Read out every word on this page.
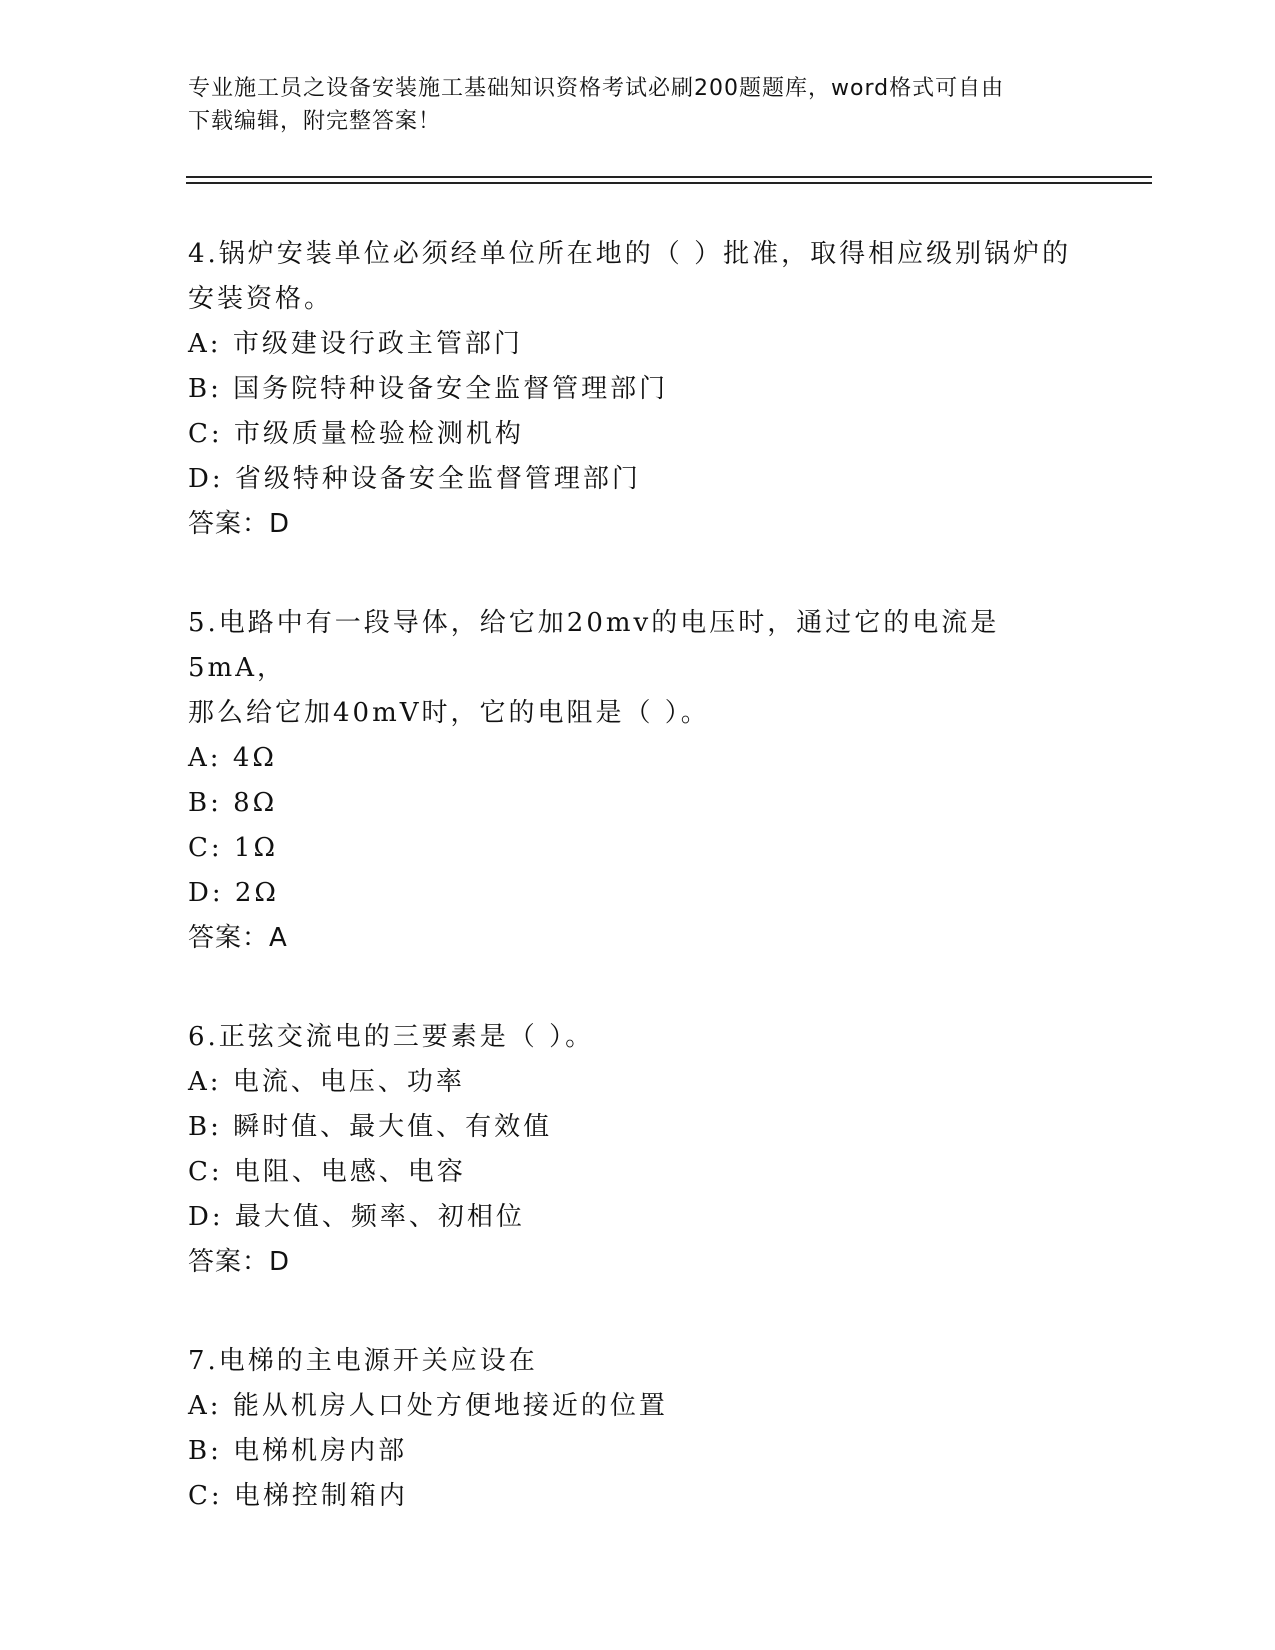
专业施工员之设备安装施工基础知识资格考试必刷200题题库，word格式可自由
下载编辑，附完整答案！
4.锅炉安装单位必须经单位所在地的（ ）批准，取得相应级别锅炉的
安装资格。
A: 市级建设行政主管部门
B: 国务院特种设备安全监督管理部门
C: 市级质量检验检测机构
D: 省级特种设备安全监督管理部门
答案：D
5.电路中有一段导体，给它加20mv的电压时，通过它的电流是5mA，
那么给它加40mV时，它的电阻是（ ）。
A: 4Ω
B: 8Ω
C: 1Ω
D: 2Ω
答案：A
6.正弦交流电的三要素是（ ）。
A: 电流、电压、功率
B: 瞬时值、最大值、有效值
C: 电阻、电感、电容
D: 最大值、频率、初相位
答案：D
7.电梯的主电源开关应设在
A: 能从机房人口处方便地接近的位置
B: 电梯机房内部
C: 电梯控制箱内
